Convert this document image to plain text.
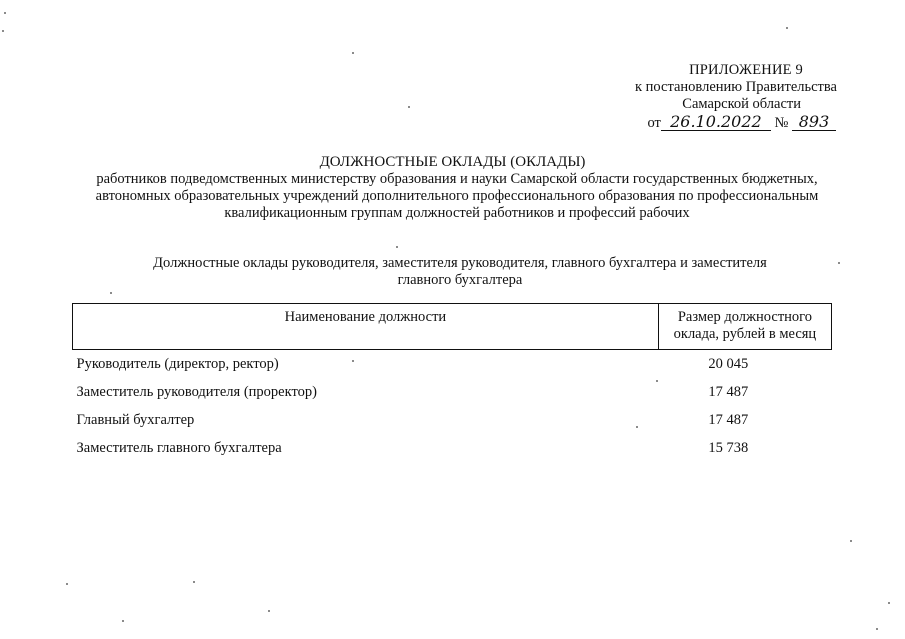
ПРИЛОЖЕНИЕ 9
к постановлению Правительства
Самарской области
от 26.10.2022 № 893
ДОЛЖНОСТНЫЕ ОКЛАДЫ (ОКЛАДЫ)
работников подведомственных министерству образования и науки Самарской области государственных бюджетных, автономных образовательных учреждений дополнительного профессионального образования по профессиональным квалификационным группам должностей работников и профессий рабочих
Должностные оклады руководителя, заместителя руководителя, главного бухгалтера и заместителя главного бухгалтера
Наименование должности	Размер должностного оклада, рублей в месяц
Руководитель (директор, ректор)	20 045
Заместитель руководителя (проректор)	17 487
Главный бухгалтер	17 487
Заместитель главного бухгалтера	15 738
